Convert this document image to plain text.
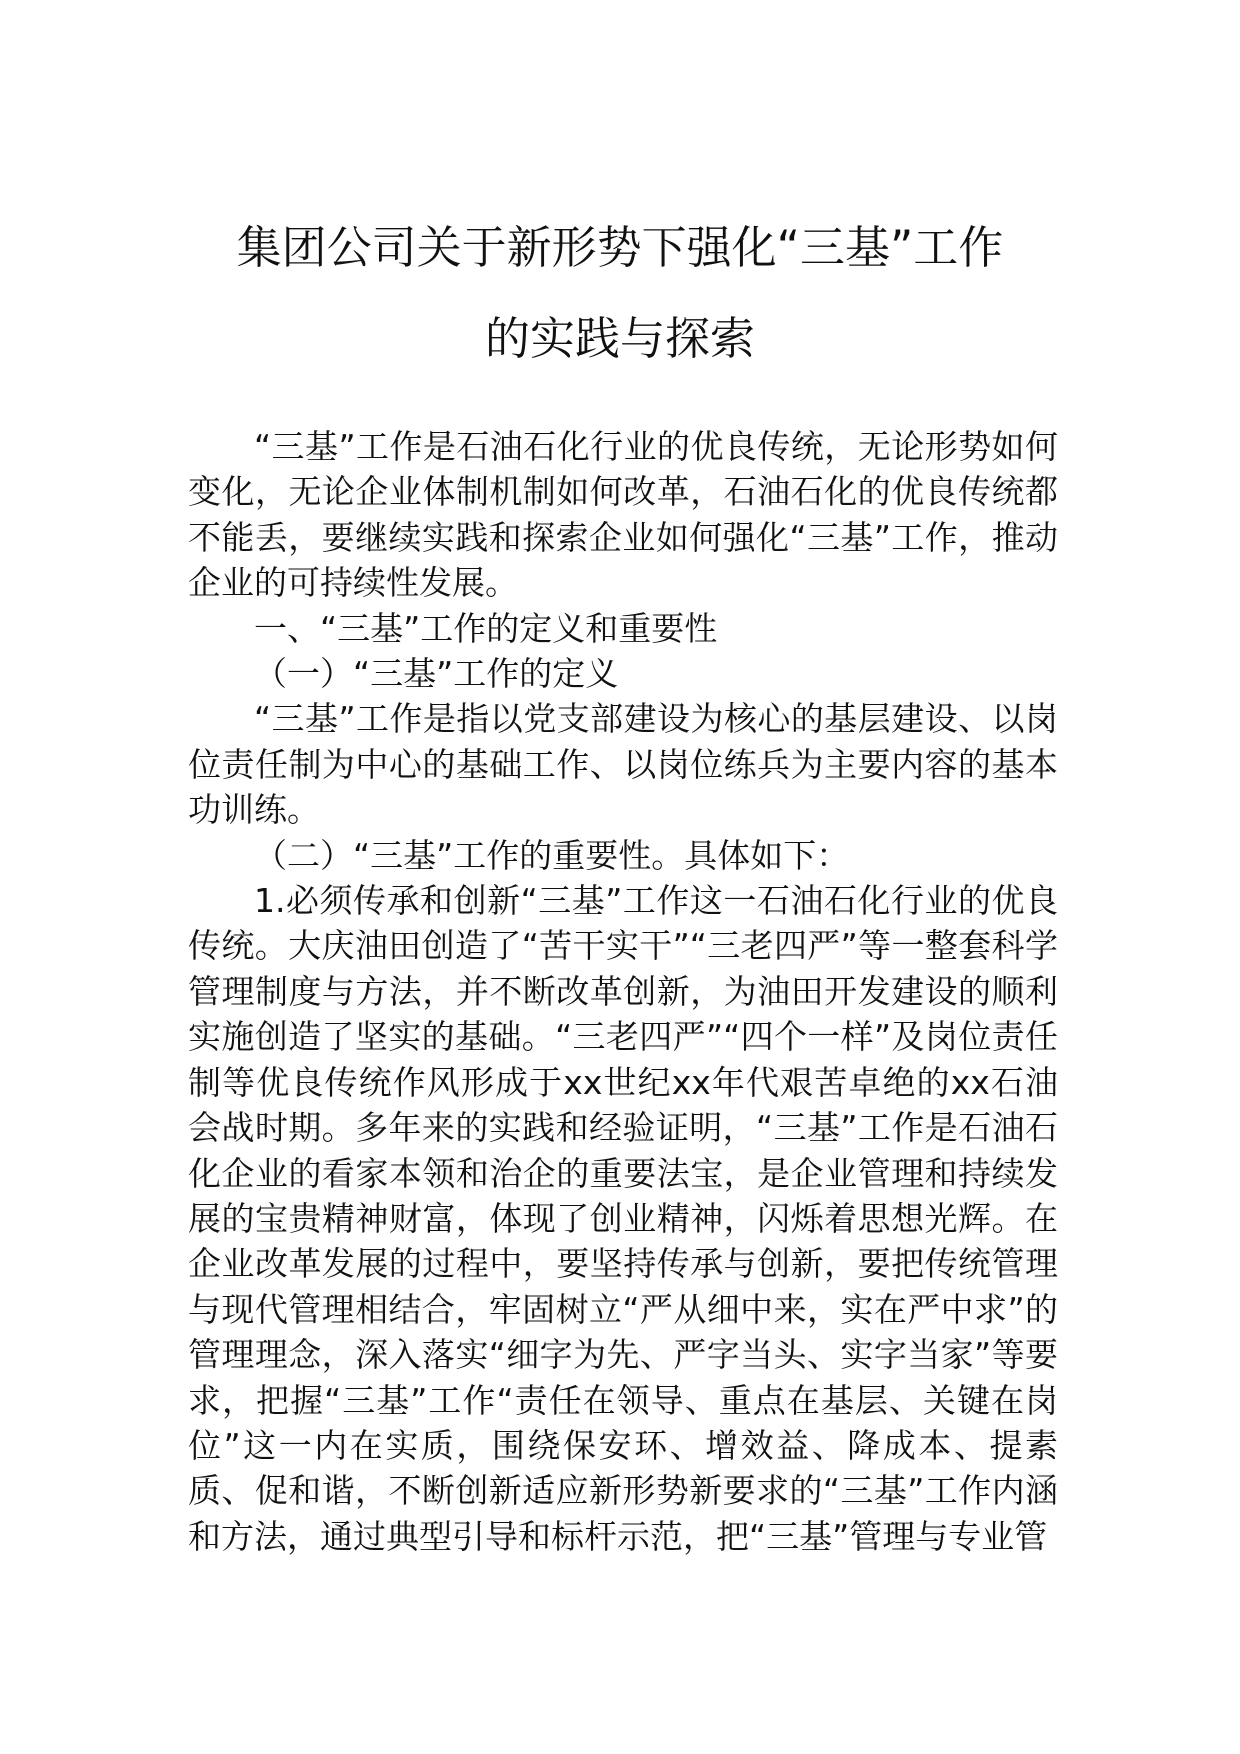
集团公司关于新形势下强化“三基”工作
的实践与探索

“三基”工作是石油石化行业的优良传统，无论形势如何变化，无论企业体制机制如何改革，石油石化的优良传统都不能丢，要继续实践和探索企业如何强化“三基”工作，推动企业的可持续性发展。

一、“三基”工作的定义和重要性

（一）“三基”工作的定义

“三基”工作是指以党支部建设为核心的基层建设、以岗位责任制为中心的基础工作、以岗位练兵为主要内容的基本功训练。

（二）“三基”工作的重要性。具体如下：

1.必须传承和创新“三基”工作这一石油石化行业的优良传统。大庆油田创造了“苦干实干”“三老四严”等一整套科学管理制度与方法，并不断改革创新，为油田开发建设的顺利实施创造了坚实的基础。“三老四严”“四个一样”及岗位责任制等优良传统作风形成于xx世纪xx年代艰苦卓绝的xx石油会战时期。多年来的实践和经验证明，“三基”工作是石油石化企业的看家本领和治企的重要法宝，是企业管理和持续发展的宝贵精神财富，体现了创业精神，闪烁着思想光辉。在企业改革发展的过程中，要坚持传承与创新，要把传统管理与现代管理相结合，牢固树立“严从细中来，实在严中求”的管理理念，深入落实“细字为先、严字当头、实字当家”等要求，把握“三基”工作“责任在领导、重点在基层、关键在岗位”这一内在实质，围绕保安环、增效益、降成本、提素质、促和谐，不断创新适应新形势新要求的“三基”工作内涵和方法，通过典型引导和标杆示范，把“三基”管理与专业管
